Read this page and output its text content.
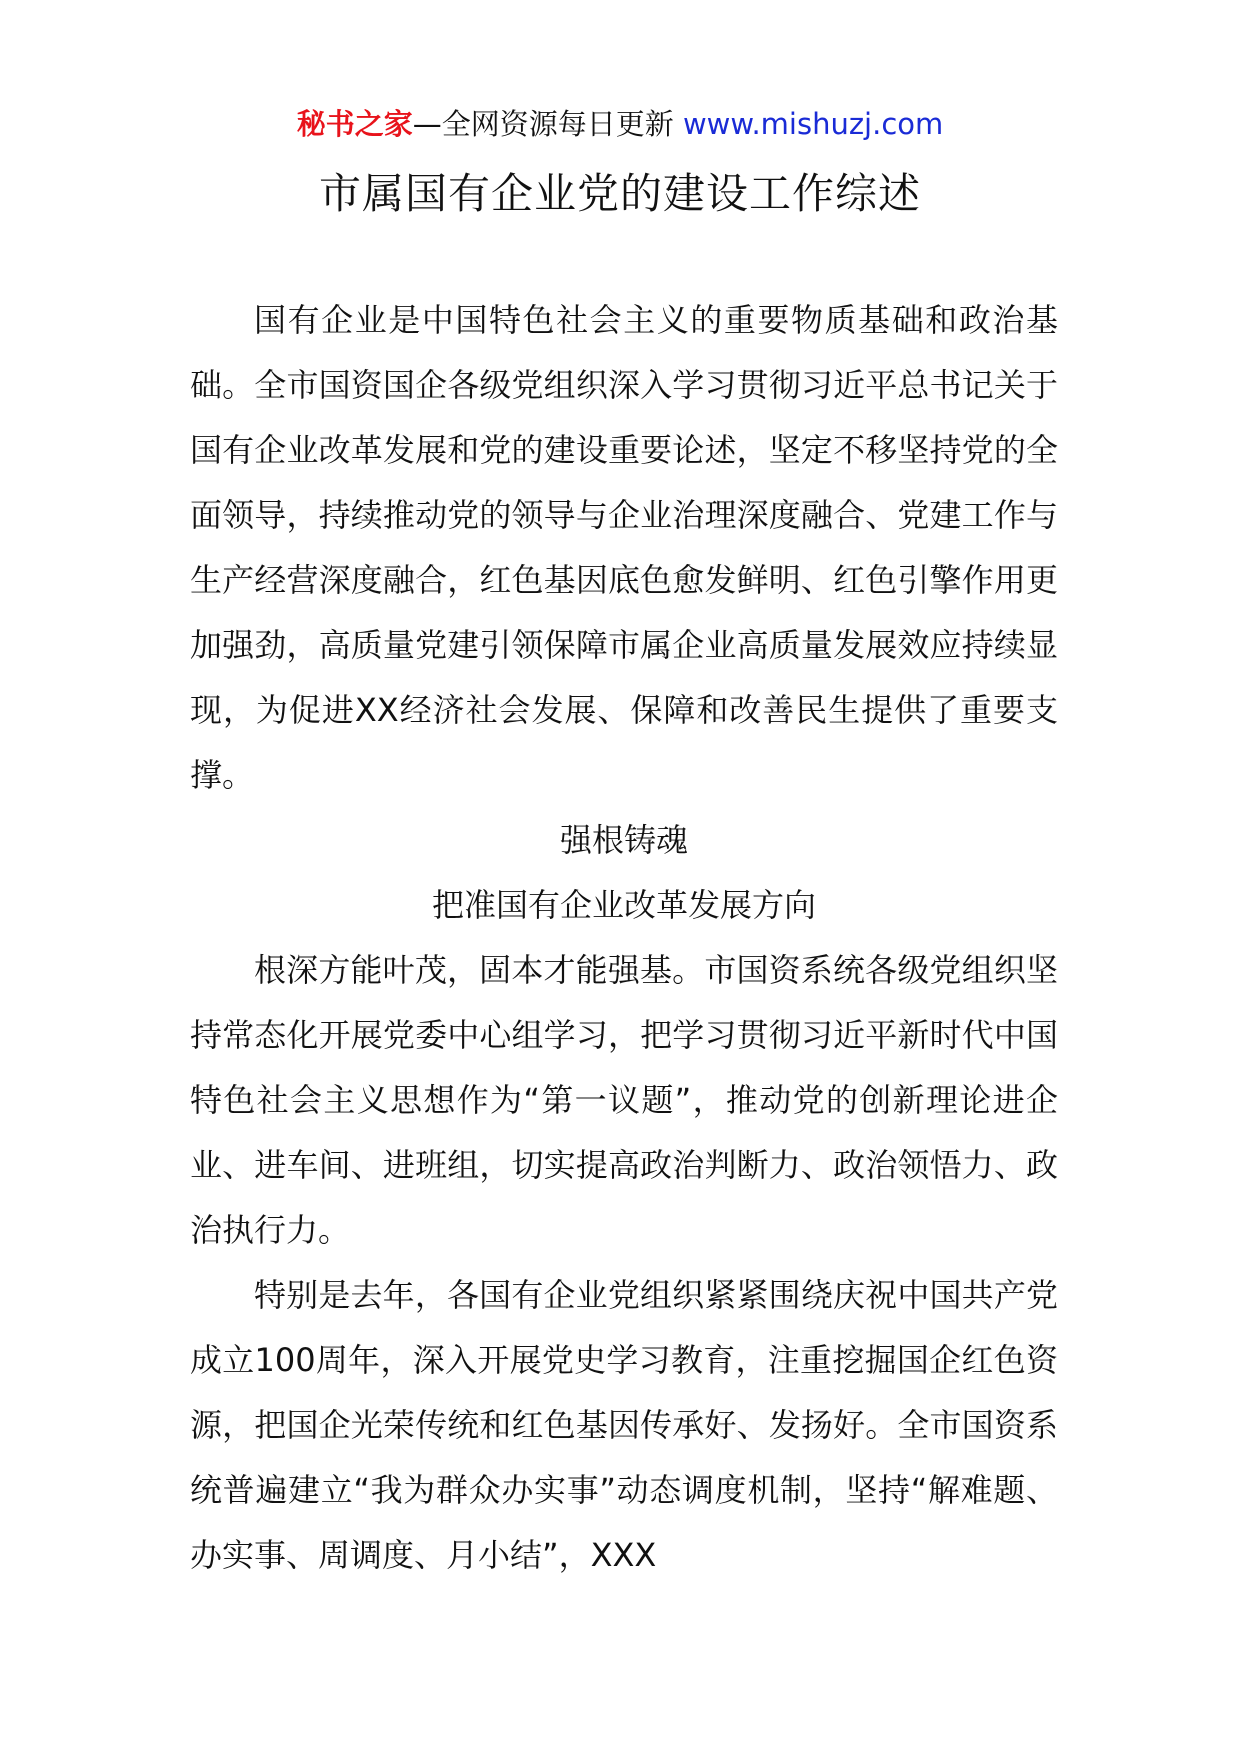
秘书之家—全网资源每日更新 www.mishuzj.com
市属国有企业党的建设工作综述

国有企业是中国特色社会主义的重要物质基础和政治基础。全市国资国企各级党组织深入学习贯彻习近平总书记关于国有企业改革发展和党的建设重要论述，坚定不移坚持党的全面领导，持续推动党的领导与企业治理深度融合、党建工作与生产经营深度融合，红色基因底色愈发鲜明、红色引擎作用更加强劲，高质量党建引领保障市属企业高质量发展效应持续显现，为促进XX经济社会发展、保障和改善民生提供了重要支撑。

强根铸魂

把准国有企业改革发展方向

根深方能叶茂，固本才能强基。市国资系统各级党组织坚持常态化开展党委中心组学习，把学习贯彻习近平新时代中国特色社会主义思想作为“第一议题”，推动党的创新理论进企业、进车间、进班组，切实提高政治判断力、政治领悟力、政治执行力。

特别是去年，各国有企业党组织紧紧围绕庆祝中国共产党成立100周年，深入开展党史学习教育，注重挖掘国企红色资源，把国企光荣传统和红色基因传承好、发扬好。全市国资系统普遍建立“我为群众办实事”动态调度机制，坚持“解难题、办实事、周调度、月小结”，XXX
